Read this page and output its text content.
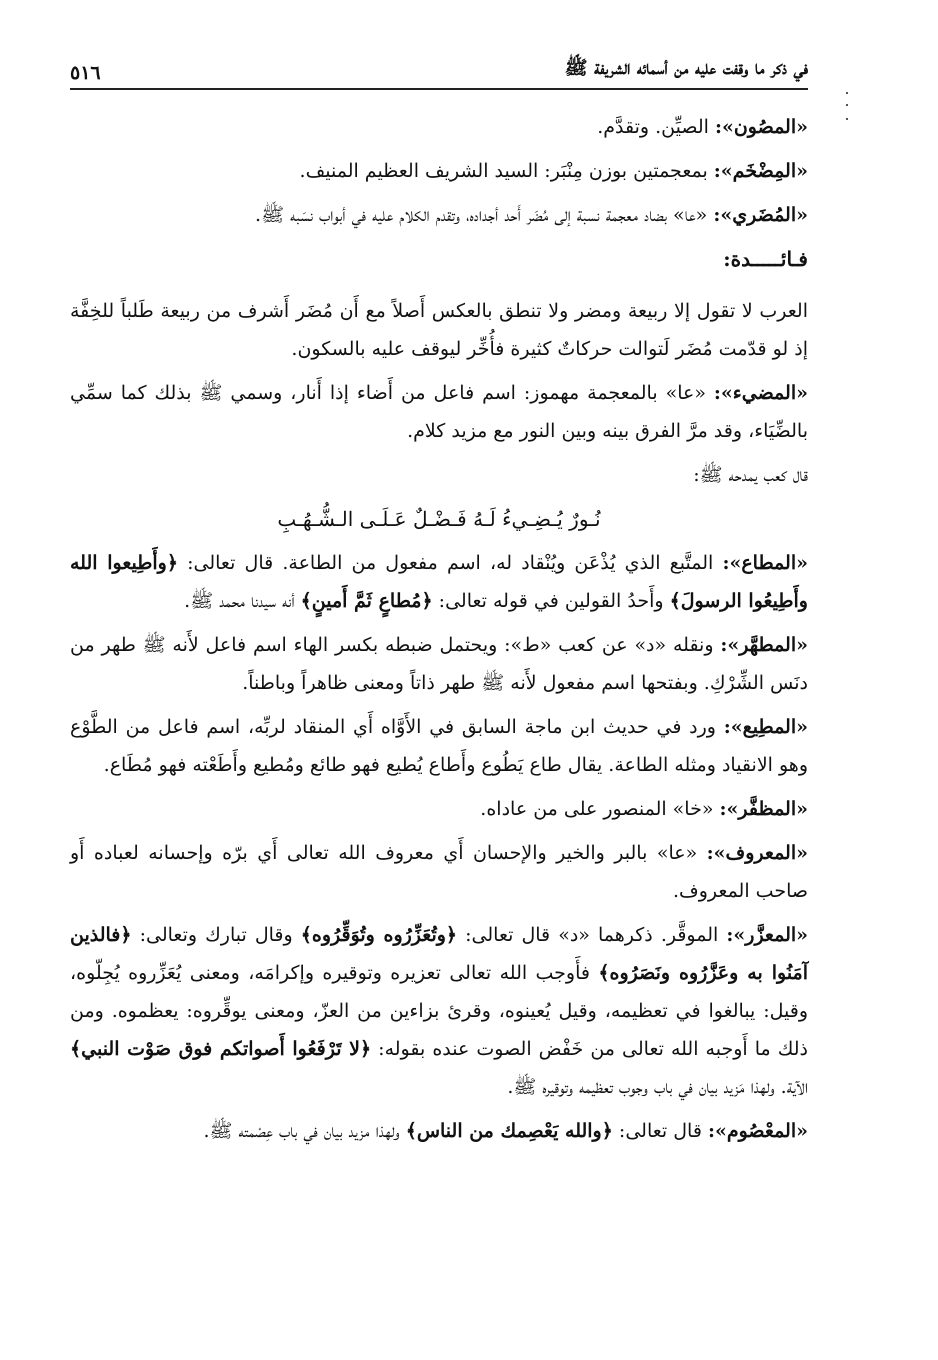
في ذكر ما وقفت عليه من أسمائه الشريفة ﷺ
٥١٦

«المصُون»: الصيِّن. وتقدَّم.

«المِضْخَم»: بمعجمتين بوزن مِنْبَر: السيد الشريف العظيم المنيف.

«المُضَري»: «عا» بضاد معجمة نسبة إلى مُضَر أَحد أجداده، وتقدم الكلام عليه في أبواب نسَبه ﷺ.

فـائـــــدة:

العرب لا تقول إلا ربيعة ومضر ولا تنطق بالعكس أَصلاً مع أَن مُضَر أَشرف من ربيعة طَلباً للخِفَّة إذ لو قدّمت مُضَر لَتوالت حركاتٌ كثيرة فأُخِّر ليوقف عليه بالسكون.

«المضيء»: «عا» بالمعجمة مهموز: اسم فاعل من أَضاء إذا أَنار، وسمي ﷺ بذلك كما سمِّي بالضِّيَاء، وقد مرَّ الفرق بينه وبين النور مع مزيد كلام.

قال كعب يمدحه ﷺ:

نُـورٌ يُـضِـيءُ لَـهُ فَـضْـلٌ عَـلَـى الـشُّـهُـبِ

«المطاع»: المتَّبع الذي يُذْعَن ويُنْقاد له، اسم مفعول من الطاعة. قال تعالى: ﴿وأَطِيعوا الله وأَطِيعُوا الرسولَ﴾ وأَحدُ القولين في قوله تعالى: ﴿مُطاعٍ ثَمَّ أَمينٍ﴾ أنه سيدنا محمد ﷺ.

«المطهَّر»: ونقله «د» عن كعب «ط»: ويحتمل ضبطه بكسر الهاء اسم فاعل لأَنه ﷺ طهر من دنَس الشِّرْكِ. وبفتحها اسم مفعول لأَنه ﷺ طهر ذاتاً ومعنى ظاهراً وباطناً.

«المطِيع»: ورد في حديث ابن ماجة السابق في الأَوَّاه أَي المنقاد لربِّه، اسم فاعل من الطَّوْع وهو الانقياد ومثله الطاعة. يقال طاع يَطُوع وأَطاع يُطيع فهو طائع ومُطيع وأَطَعْته فهو مُطَاع.

«المظفَّر»: «خا» المنصور على من عاداه.

«المعروف»: «عا» بالبر والخير والإحسان أَي معروف الله تعالى أَي برّه وإحسانه لعباده أَو صاحب المعروف.

«المعزَّر»: الموقَّر. ذكرهما «د» قال تعالى: ﴿وتُعَزِّرُوه وتُوَقِّرُوه﴾ وقال تبارك وتعالى: ﴿فالذين آمَنُوا به وعَزَّرُوه ونَصَرُوه﴾ فأَوجب الله تعالى تعزيره وتوقيره وإكرامَه، ومعنى يُعَزِّروه يُجِلّوه، وقيل: يبالغوا في تعظيمه، وقيل يُعينوه، وقرئ بزاءين من العزّ، ومعنى يوقِّروه: يعظموه. ومن ذلك ما أَوجبه الله تعالى من خَفْض الصوت عنده بقوله: ﴿لا تَرْفَعُوا أَصواتكم فوق صَوْت النبي﴾ الآية. ولهذا مَزيد بيان في باب وجوب تعظيمه وتوقيره ﷺ.

«المعْصُوم»: قال تعالى: ﴿والله يَعْصِمك من الناس﴾ ولهذا مزيد بيان في باب عِصْمته ﷺ.
